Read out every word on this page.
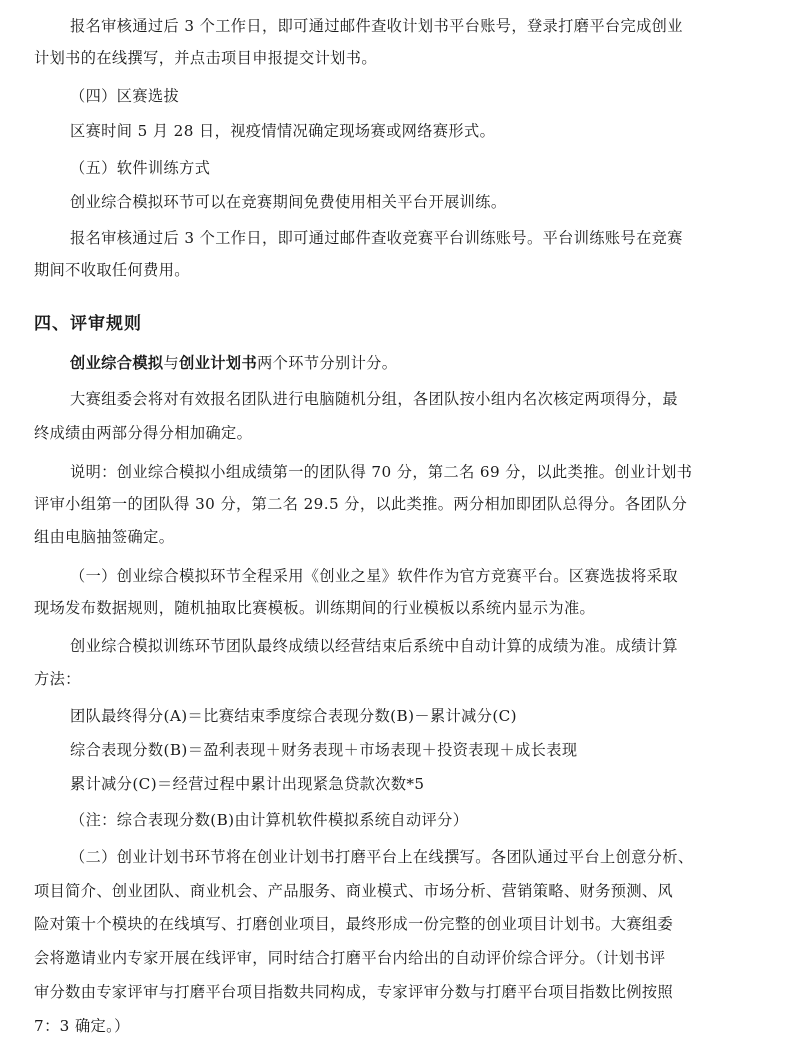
报名审核通过后 3 个工作日，即可通过邮件查收计划书平台账号，登录打磨平台完成创业
计划书的在线撰写，并点击项目申报提交计划书。
（四）区赛选拔
区赛时间 5 月 28 日，视疫情情况确定现场赛或网络赛形式。
（五）软件训练方式
创业综合模拟环节可以在竞赛期间免费使用相关平台开展训练。
报名审核通过后 3 个工作日，即可通过邮件查收竞赛平台训练账号。平台训练账号在竞赛
期间不收取任何费用。
四、评审规则
创业综合模拟与创业计划书两个环节分别计分。
大赛组委会将对有效报名团队进行电脑随机分组，各团队按小组内名次核定两项得分，最
终成绩由两部分得分相加确定。
说明：创业综合模拟小组成绩第一的团队得 70 分，第二名 69 分，以此类推。创业计划书
评审小组第一的团队得 30 分，第二名 29.5 分，以此类推。两分相加即团队总得分。各团队分
组由电脑抽签确定。
（一）创业综合模拟环节全程采用《创业之星》软件作为官方竞赛平台。区赛选拔将采取
现场发布数据规则，随机抽取比赛模板。训练期间的行业模板以系统内显示为准。
创业综合模拟训练环节团队最终成绩以经营结束后系统中自动计算的成绩为准。成绩计算
方法：
团队最终得分(A)＝比赛结束季度综合表现分数(B)－累计减分(C)
综合表现分数(B)＝盈利表现＋财务表现＋市场表现＋投资表现＋成长表现
累计减分(C)＝经营过程中累计出现紧急贷款次数*5
（注：综合表现分数(B)由计算机软件模拟系统自动评分）
（二）创业计划书环节将在创业计划书打磨平台上在线撰写。各团队通过平台上创意分析、
项目简介、创业团队、商业机会、产品服务、商业模式、市场分析、营销策略、财务预测、风
险对策十个模块的在线填写、打磨创业项目，最终形成一份完整的创业项目计划书。大赛组委
会将邀请业内专家开展在线评审，同时结合打磨平台内给出的自动评价综合评分。（计划书评
审分数由专家评审与打磨平台项目指数共同构成，专家评审分数与打磨平台项目指数比例按照
7：3 确定。）
